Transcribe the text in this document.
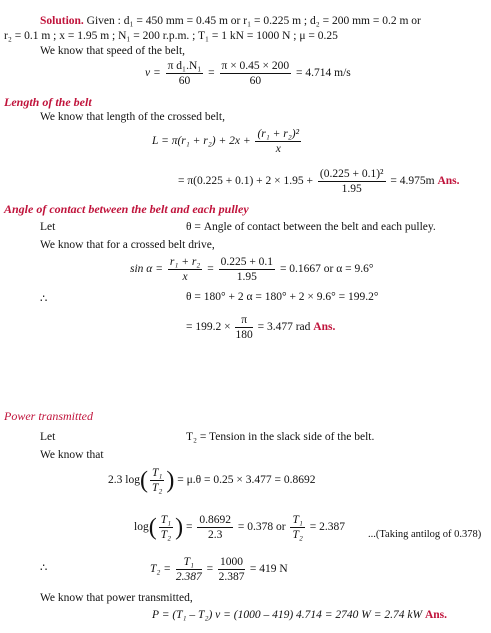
Solution. Given : d₁ = 450 mm = 0.45 m or r₁ = 0.225 m ; d₂ = 200 mm = 0.2 m or
r₂ = 0.1 m ; x = 1.95 m ; N₁ = 200 r.p.m. ; T₁ = 1 kN = 1000 N ; μ = 0.25
We know that speed of the belt,
$v = \frac{\text{π d₁.N₁}}{60} = \frac{\pi \times 0.45 \times 200}{60} = 4.714$ m/s
Length of the belt
We know that length of the crossed belt,
$L = \pi(r_1 + r_2) + 2x + \frac{\text{(r₁ + r₂)²}}{x}$
= $\pi(0.225 + 0.1) + 2 \times 1.95 + \frac{\text{(0.225 + 0.1)²}}{1.95} = 4.975m$ Ans.
Angle of contact between the belt and each pulley
Let	θ = Angle of contact between the belt and each pulley.
We know that for a crossed belt drive,
$\sin \alpha = \frac{\text{r₁ + r₂}}{x} = \frac{0.225 + 0.1}{1.95} = 0.1667$ or α = 9.6°
∴	θ = 180° + 2 α = 180° + 2 × 9.6° = 199.2°
= $199.2 \times \frac{\pi}{180} = 3.477$ rad Ans.
Power transmitted
Let	T₂ = Tension in the slack side of the belt.
We know that
2.3 $\log( \frac{\text{T₁}}{\text{T₂}}$ ) = μ.θ = 0.25 × 3.477 = 0.8692
$\log( \frac{\text{T₁}}{\text{T₂}}$ ) = $\frac{0.8692}{2.3} = 0.378$ or $\frac{\text{T₁}}{\text{T₂}} = 2.387$
...(Taking antilog of 0.378)
∴	$T_2 = \frac{\text{T₁}}{2.387} = \frac{1000}{2.387} = 419$ N
We know that power transmitted,
P = (T₁ – T₂) v = (1000 – 419) 4.714 = 2740 W = 2.74 kW Ans.
